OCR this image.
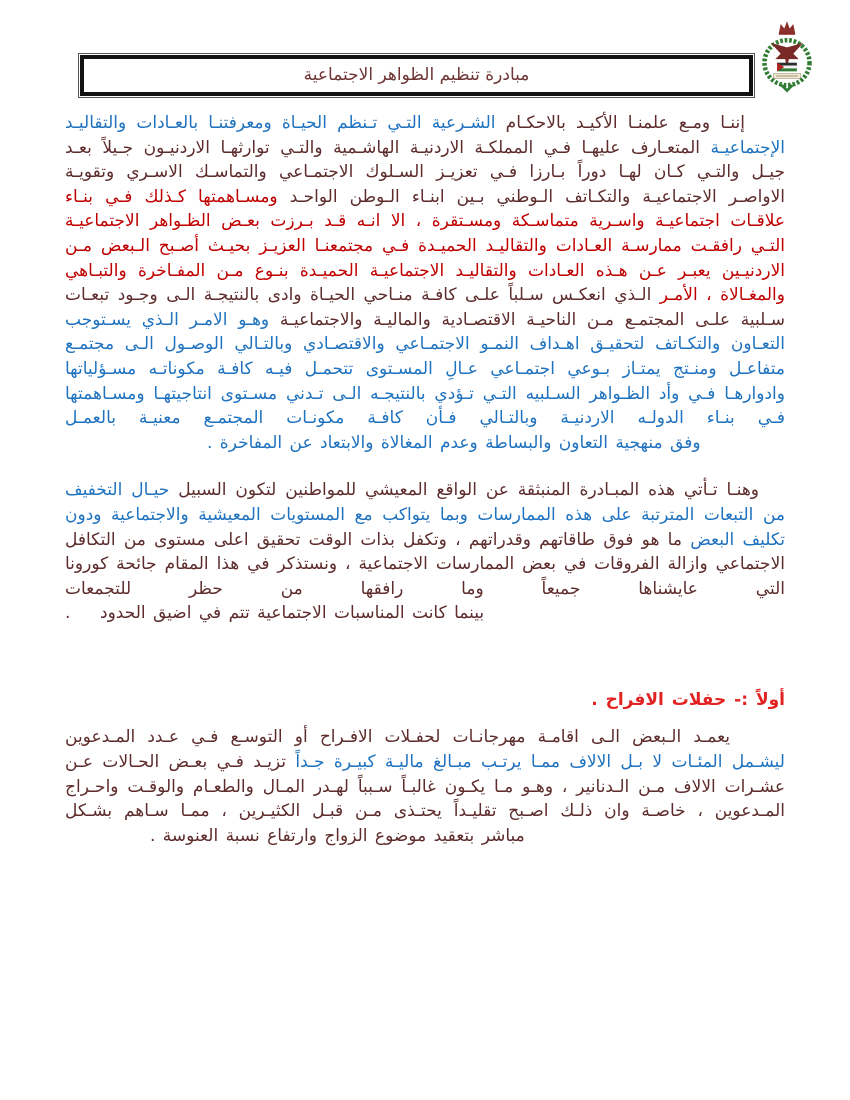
مبادرة تنظيم الظواهر الاجتماعية
إننـا ومـع علمنـا الأكيـد بالاحكـام الشـرعية التـي تـنظم الحيـاة ومعرفتنـا بالعـادات والتقاليـد الإجتماعيـة المتعـارف عليهـا فـي المملكـة الاردنيـة الهاشـمية والتـي توارثهـا الاردنيـون جـيلاً بعـد جيـل والتـي كـان لهـا دوراً بـارزا فـي تعزيـز السـلوك الاجتمـاعي والتماسـك الاسـري وتقويـة الاواصـر الاجتماعيـة والتكـاتف الـوطني بـين ابنـاء الـوطن الواحـد ومسـاهمتها كـذلك فـي بنـاء علاقـات اجتماعيـة واسـرية متماسـكة ومسـتقرة ، الا انـه قـد بـرزت بعـض الظـواهر الاجتماعيـة التـي رافقـت ممارسـة العـادات والتقاليـد الحميـدة فـي مجتمعنـا العزيـز بحيـث أصـبح الـبعض مـن الاردنيـين يعبـر عـن هـذه العـادات والتقاليـد الاجتماعيـة الحميـدة بنـوع مـن المفـاخرة والتبـاهي والمغـالاة ، الأمـر الـذي انعكـس سـلباً علـى كافـة منـاحي الحيـاة وادى بالنتيجـة الـى وجـود تبعـات سـلبية علـى المجتمـع مـن الناحيـة الاقتصـادية والماليـة والاجتماعيـة وهـو الامـر الـذي يسـتوجب التعـاون والتكـاتف لتحقيـق اهـداف النمـو الاجتمـاعي والاقتصـادي وبالتـالي الوصـول الـى مجتمـع متفاعـل ومنـتج يمتـاز بـوعي اجتمـاعي عـالِ المسـتوى تتحمـل فيـه كافـة مكوناتـه مسـؤلياتها وادوارهـا فـي وأد الظـواهر السـلبيه التـي تـؤدي بالنتيجـه الـى تـدني مسـتوى انتاجيتهـا ومسـاهمتها فـي بنـاء الدولـه الاردنيـة وبالتـالي فـأن كافـة مكونـات المجتمـع معنيـة بالعمـل
وفق منهجية التعاون والبساطة وعدم المغالاة والابتعاد عن المفاخرة .
وهنـا تـأتي هذه المبـادرة المنبثقة عن الواقع المعيشي للمواطنين لتكون السبيل حيـال التخفيف من التبعات المترتبة على هذه الممارسات وبما يتواكب مع المستويات المعيشية والاجتماعية ودون تكليف البعض ما هو فوق طاقاتهم وقدراتهم ، وتكفل بذات الوقت تحقيق اعلى مستوى من التكافل الاجتماعي وازالة الفروقات في بعض الممارسات الاجتماعية ، ونستذكر في هذا المقام جائحة كورونا التي عايشناها جميعاً وما رافقها من حظر للتجمعات
بينما كانت المناسبات الاجتماعية تتم في اضيق الحدود    .
أولاً :- حفلات الافراح .
يعمـد الـبعض الـى اقامـة مهرجانـات لحفـلات الافـراح أو التوسـع فـي عـدد المـدعوين ليشـمل المئـات لا بـل الالاف ممـا يرتـب مبـالغ ماليـة كبيـرة جـداً تزيـد فـي بعـض الحـالات عـن عشـرات الالاف مـن الـدنانير ، وهـو مـا يكـون غالبـاً سـبباً لهـدر المـال والطعـام والوقـت واحـراج المـدعوين ، خاصـة وان ذلـك اصـبح تقليـداً يحتـذى مـن قبـل الكثيـرين ، ممـا سـاهم بشـكل
مباشر بتعقيد موضوع الزواج وارتفاع نسبة العنوسة .
